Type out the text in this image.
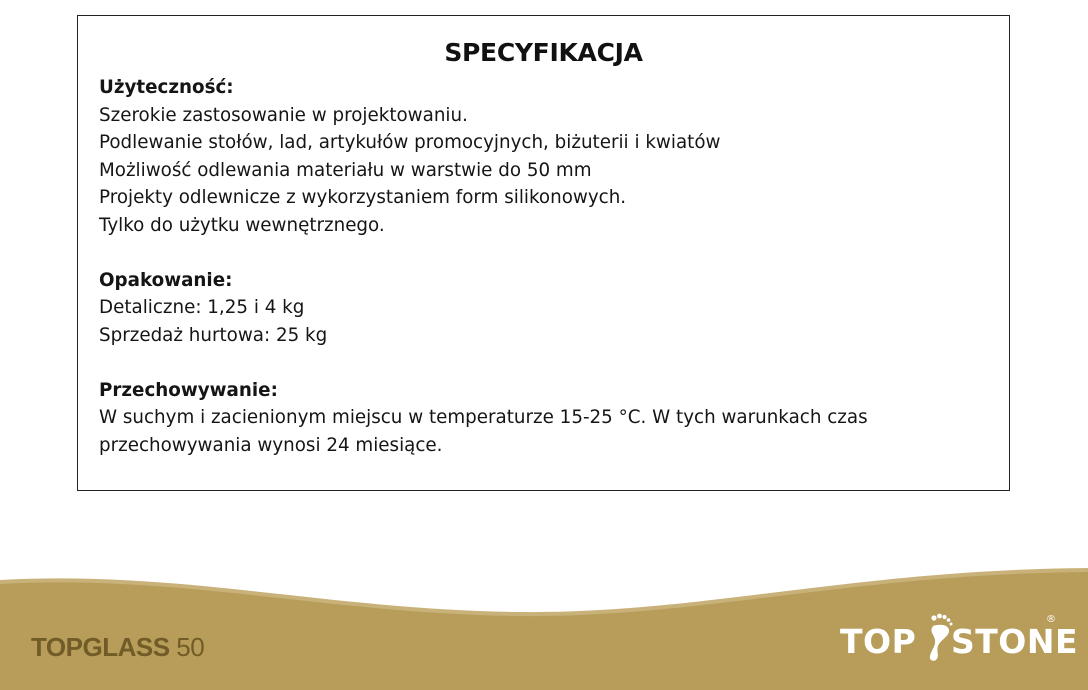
SPECYFIKACJA
Użyteczność:
Szerokie zastosowanie w projektowaniu.
Podlewanie stołów, lad, artykułów promocyjnych, biżuterii i kwiatów
Możliwość odlewania materiału w warstwie do 50 mm
Projekty odlewnicze z wykorzystaniem form silikonowych.
Tylko do użytku wewnętrznego.
Opakowanie:
Detaliczne: 1,25 i 4 kg
Sprzedaż hurtowa: 25 kg
Przechowywanie:
W suchym i zacienionym miejscu w temperaturze 15-25 °C. W tych warunkach czas
przechowywania wynosi 24 miesiące.
TOPGLASS 50	TOP STONE
®
